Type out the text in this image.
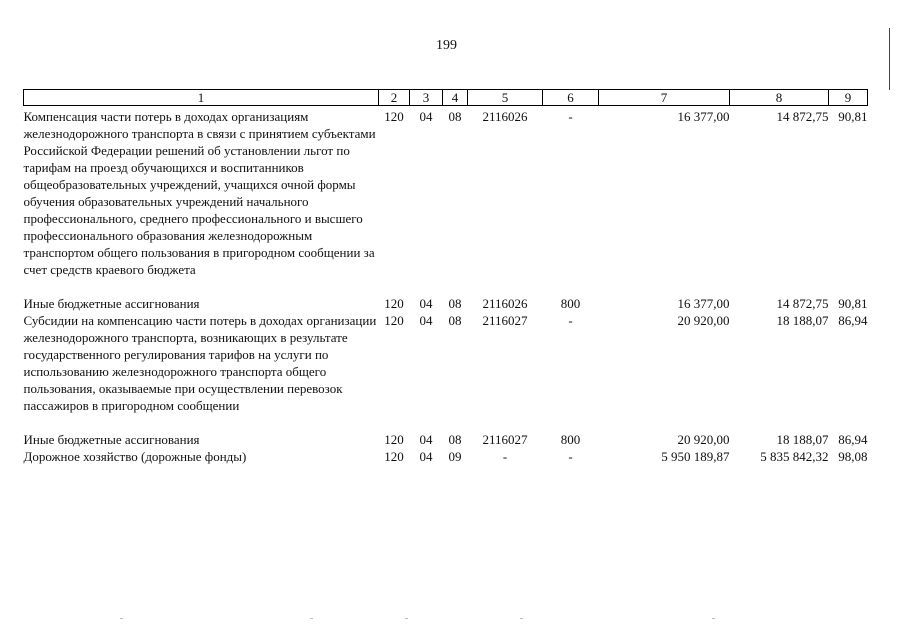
199
1	2	3	4	5	6	7	8	9
Компенсация части потерь в доходах организациям железнодорожного транспорта в связи с принятием субъектами Российской Федерации решений об установлении льгот по тарифам на проезд обучающихся и воспитанников общеобразовательных учреждений, учащихся очной формы обучения образовательных учреждений начального профессионального, среднего профессионального и высшего профессионального образования железнодорожным транспортом общего пользования в пригородном сообщении за счет средств краевого бюджета	120	04	08	2116026	-	16 377,00	14 872,75	90,81

Иные бюджетные ассигнования	120	04	08	2116026	800	16 377,00	14 872,75	90,81
Субсидии на компенсацию части потерь в доходах организации железнодорожного транспорта, возникающих в результате государственного регулирования тарифов на услуги по использованию железнодорожного транспорта общего пользования, оказываемые при осуществлении перевозок пассажиров в пригородном сообщении	120	04	08	2116027	-	20 920,00	18 188,07	86,94

Иные бюджетные ассигнования	120	04	08	2116027	800	20 920,00	18 188,07	86,94
Дорожное хозяйство (дорожные фонды)	120	04	09	-	-	5 950 189,87	5 835 842,32	98,08
